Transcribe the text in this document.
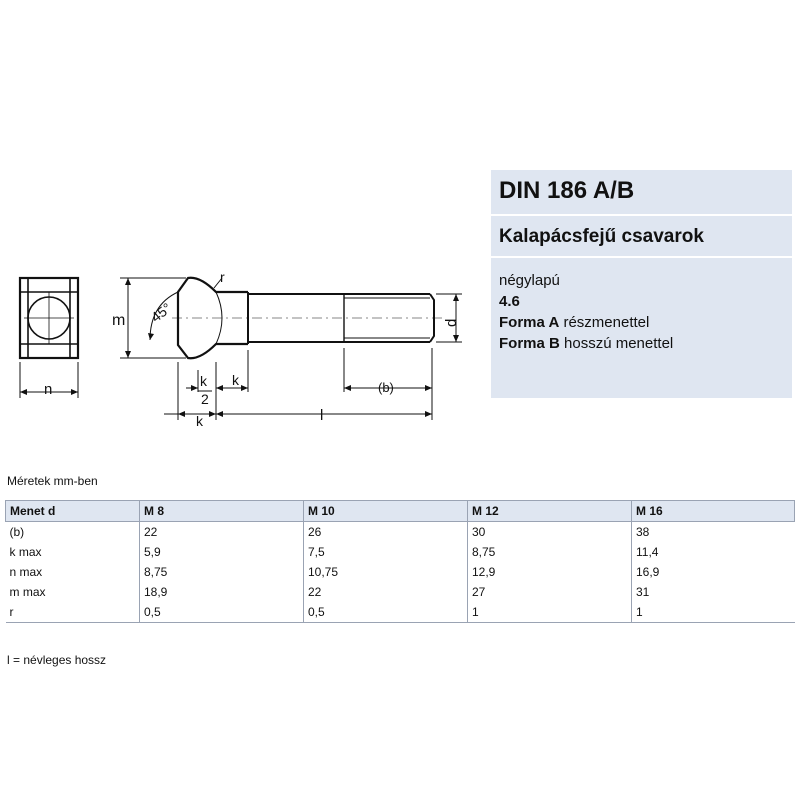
DIN 186 A/B
Kalapácsfejű csavarok
négylapú
4.6
Forma A részmenettel
Forma B hosszú menettel
n
m 45°
r
d
k
2
k
k
(b)
l
Méretek mm-ben
Menet d	M 8	M 10	M 12	M 16
(b)	22	26	30	38
k max	5,9	7,5	8,75	11,4
n max	8,75	10,75	12,9	16,9
m max	18,9	22	27	31
r	0,5	0,5	1	1
l = névleges hossz
